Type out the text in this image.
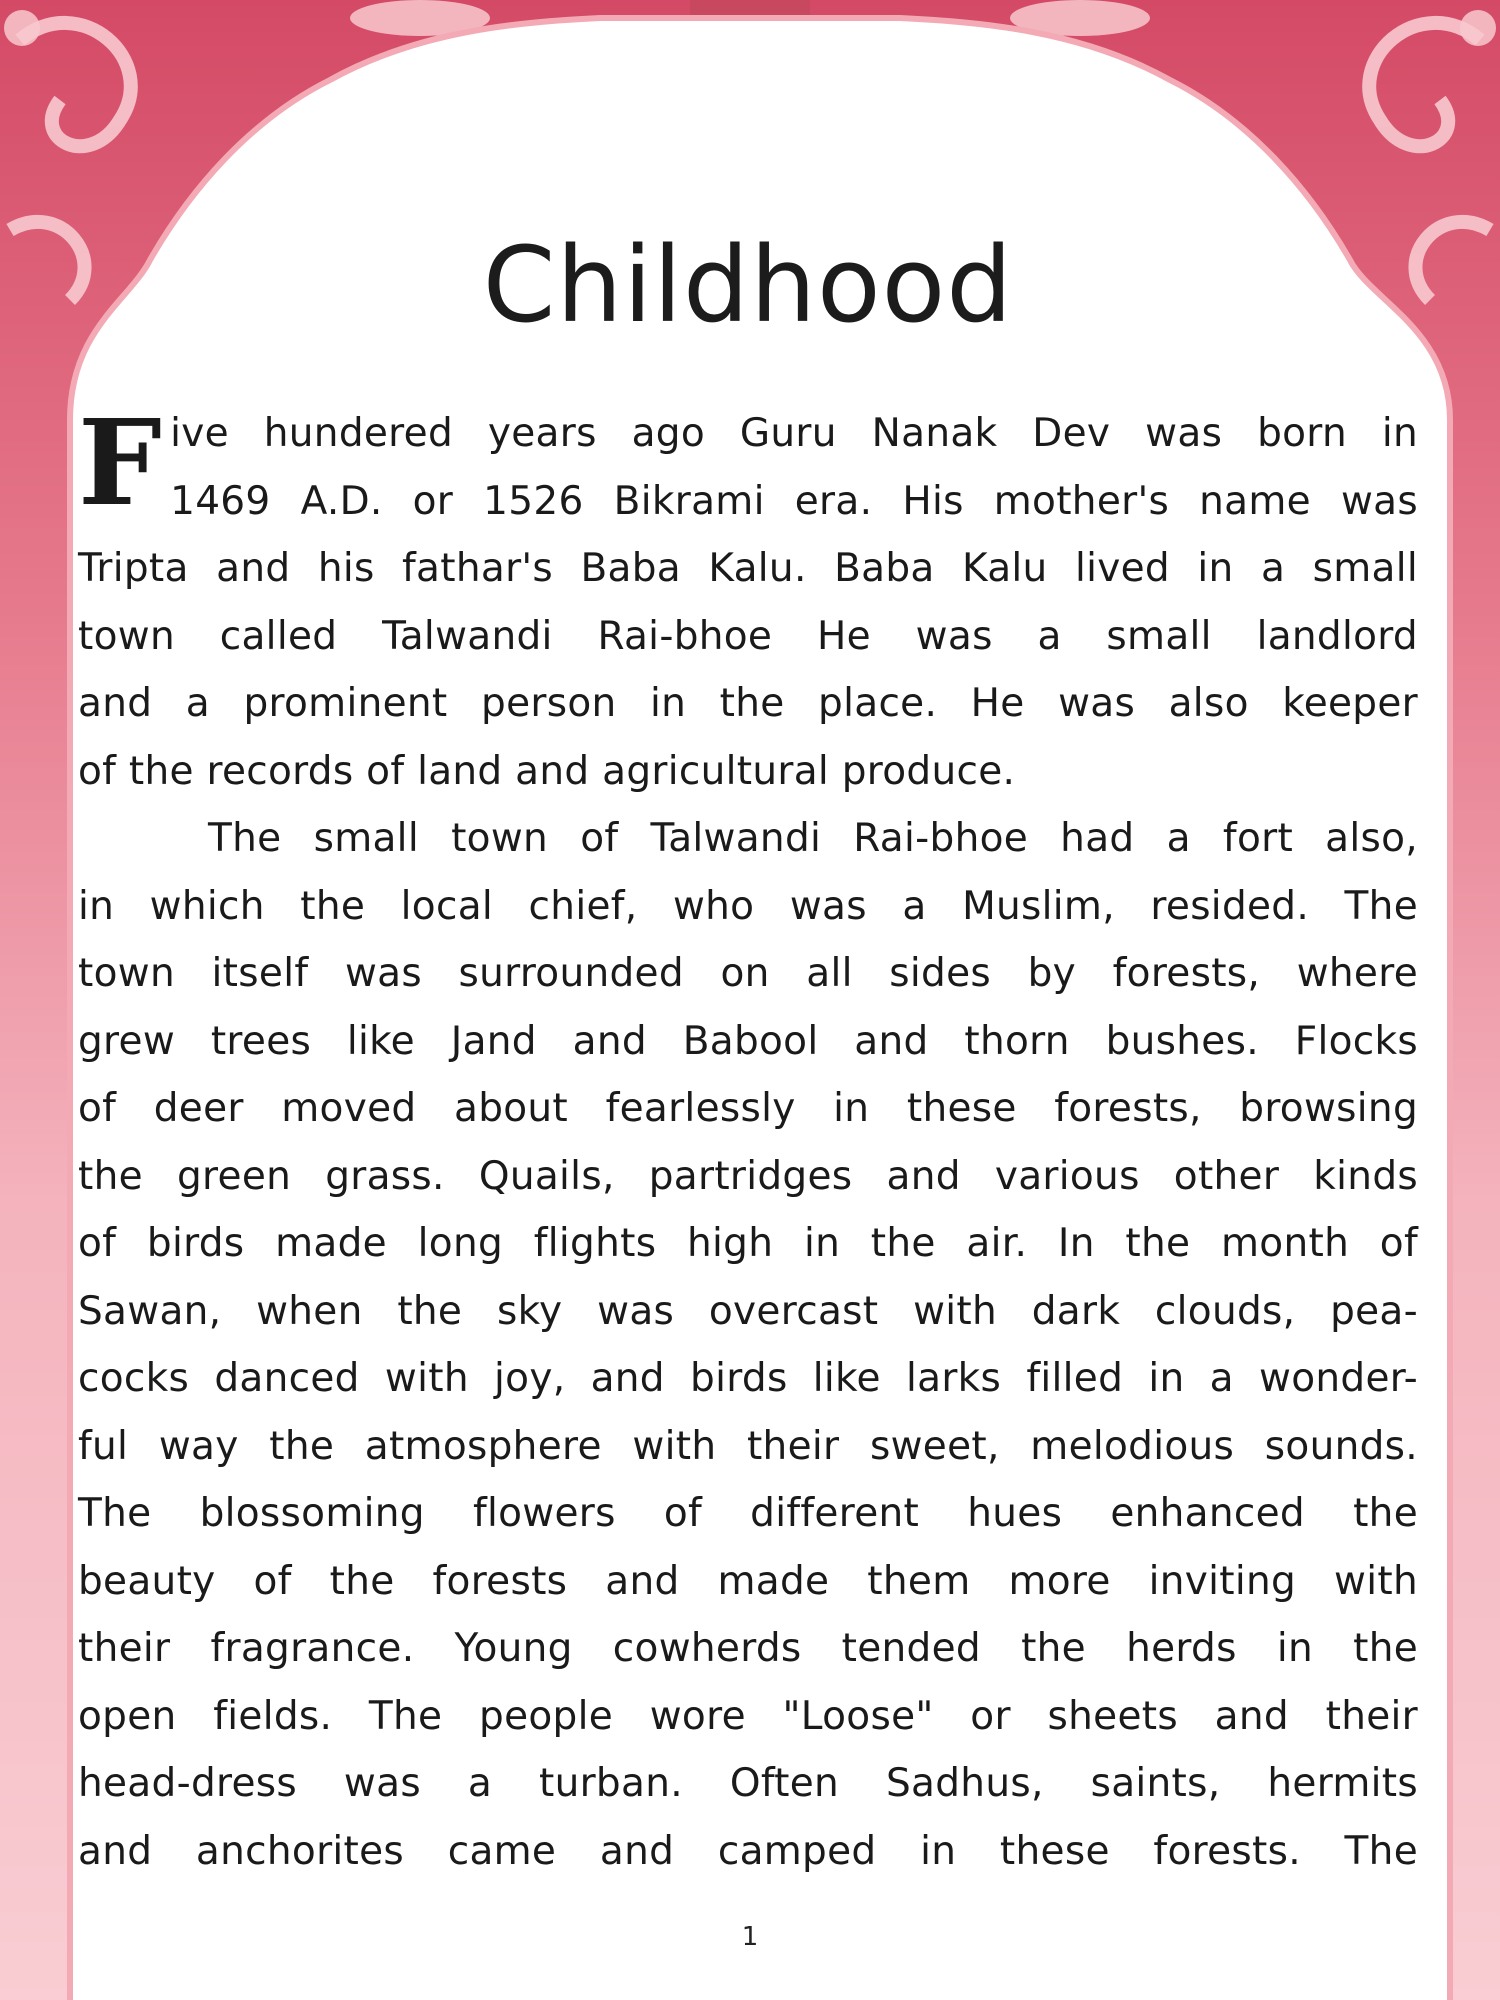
Childhood
F ive hundered years ago Guru Nanak Dev was born in
1469 A.D. or 1526 Bikrami era. His mother's name was
Tripta and his fathar's Baba Kalu. Baba Kalu lived in a small
town called Talwandi Rai-bhoe He was a small landlord
and a prominent person in the place. He was also keeper
of the records of land and agricultural produce.
The small town of Talwandi Rai-bhoe had a fort also,
in which the local chief, who was a Muslim, resided. The
town itself was surrounded on all sides by forests, where
grew trees like Jand and Babool and thorn bushes. Flocks
of deer moved about fearlessly in these forests, browsing
the green grass. Quails, partridges and various other kinds
of birds made long flights high in the air. In the month of
Sawan, when the sky was overcast with dark clouds, pea-
cocks danced with joy, and birds like larks filled in a wonder-
ful way the atmosphere with their sweet, melodious sounds.
The blossoming flowers of different hues enhanced the
beauty of the forests and made them more inviting with
their fragrance. Young cowherds tended the herds in the
open fields. The people wore "Loose" or sheets and their
head-dress was a turban. Often Sadhus, saints, hermits
and anchorites came and camped in these forests. The
1
